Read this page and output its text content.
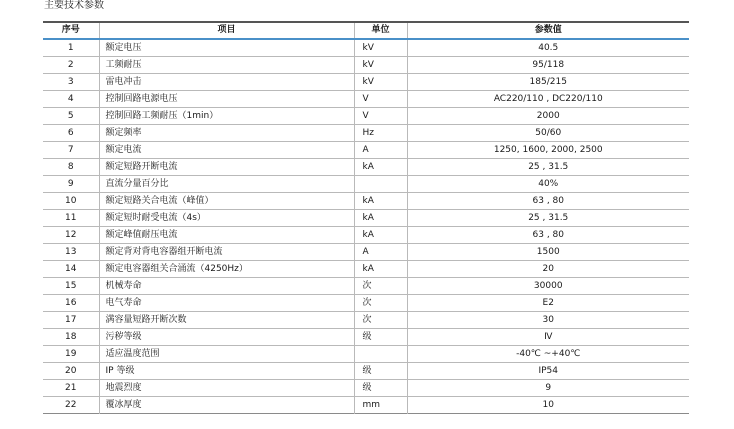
主要技术参数
序号	项目	单位	参数值
1	额定电压	kV	40.5
2	工频耐压	kV	95/118
3	雷电冲击	kV	185/215
4	控制回路电源电压	V	AC220/110 , DC220/110
5	控制回路工频耐压（1min）	V	2000
6	额定频率	Hz	50/60
7	额定电流	A	1250, 1600, 2000, 2500
8	额定短路开断电流	kA	25 , 31.5
9	直流分量百分比		40%
10	额定短路关合电流（峰值）	kA	63 , 80
11	额定短时耐受电流（4s）	kA	25 , 31.5
12	额定峰值耐压电流	kA	63 , 80
13	额定背对背电容器组开断电流	A	1500
14	额定电容器组关合涌流（4250Hz）	kA	20
15	机械寿命	次	30000
16	电气寿命	次	E2
17	满容量短路开断次数	次	30
18	污秽等级	级	Ⅳ
19	适应温度范围		-40℃ ~+40℃
20	IP 等级	级	IP54
21	地震烈度	级	9
22	覆冰厚度	mm	10
